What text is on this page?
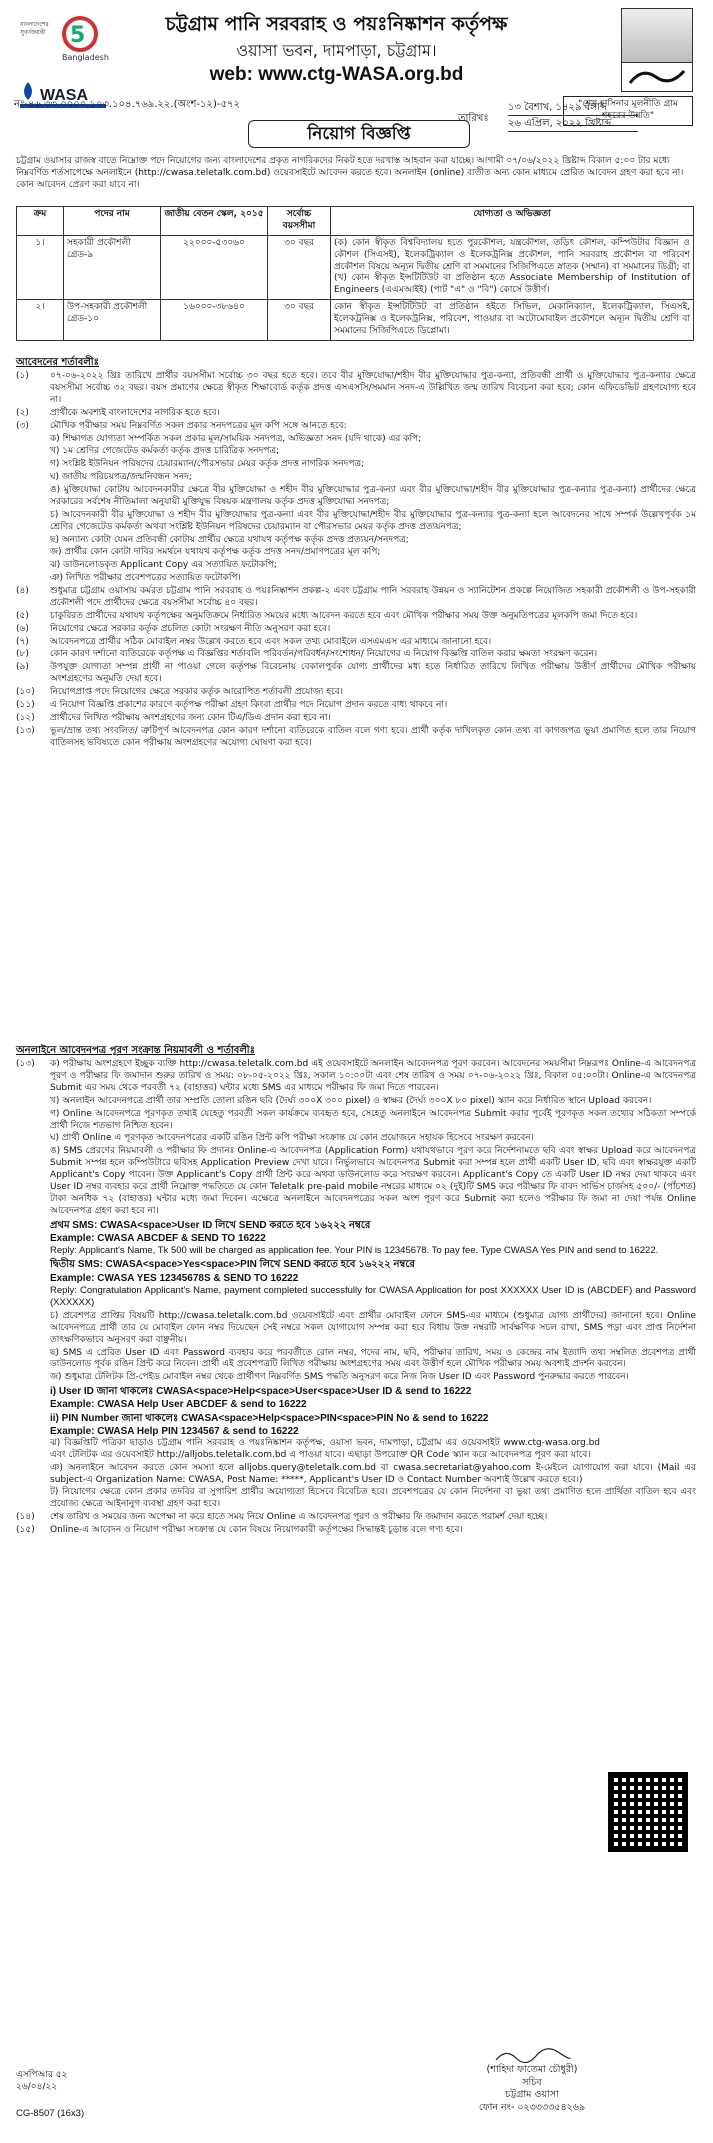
বাংলাদেশের
সুবর্ণজয়ন্তী 5
Bangladesh
WASA
চট্টগ্রাম পানি সরবরাহ ও পয়ঃনিষ্কাশন কর্তৃপক্ষ
ওয়াসা ভবন, দামপাড়া, চট্টগ্রাম।
web: www.ctg-WASA.org.bd
"শেখ হাসিনার মূলনীতি গ্রাম শহরের উন্নতি"
নং-৪৬.৩৩.০০০০.১০৩.১০৪.৭৬৯.২২.(অংশ-১২)-৫৭২
তারিখঃ
১৩ বৈশাখ, ১৪২৯ বঙ্গাব্দ
২৬ এপ্রিল, ২০২২ খ্রিষ্টাব্দ
নিয়োগ বিজ্ঞপ্তি
চট্টগ্রাম ওয়াসার রাজস্ব বাতে নিম্নোক্ত পদে নিয়োগের জন্য বাংলাদেশের প্রকৃত নাগরিকদের নিকট হতে দরখাস্ত আহবান করা যাচ্ছে। আগামী ০৭/০৬/২০২২ খ্রিষ্টাব্দ বিকাল ৫:০০ টার মধ্যে নিম্নবর্ণিত শর্তসাপেক্ষে অনলাইনে (http://cwasa.teletalk.com.bd) ওয়েবসাইটে আবেদন করতে হবে। অনলাইন (online) ব্যতীত অন্য কোন মাধ্যমে প্রেরিত আবেদন গ্রহণ করা হবে না। কোন আবেদন প্রেরণ করা যাবে না।
ক্রম	পদের নাম	জাতীয় বেতন স্কেল, ২০১৫	সর্বোচ্চ বয়সসীমা	যোগ্যতা ও অভিজ্ঞতা
১।	সহকারী প্রকৌশলী গ্রেড-৯	২২০০০-৫৩০৬০	৩০ বছর	(ক) কোন স্বীকৃত বিশ্ববিদ্যালয় হতে পুরকৌশল, যন্ত্রকৌশল, তড়িৎ কৌশল, কম্পিউটার বিজ্ঞান ও কৌশল (সিএসই), ইলেকট্রিক্যাল ও ইলেকট্রনিক্স প্রকৌশল, পানি সরবরাহ প্রকৌশল বা পরিবেশ প্রকৌশল বিষয়ে অন্যূন দ্বিতীয় শ্রেণি বা সমমানের সিজিপিএতে স্নাতক (সম্মান) বা সমমানের ডিগ্রী; বা (খ) কোন স্বীকৃত ইন্সটিটিউট বা প্রতিষ্ঠান হতে Associate Membership of Institution of Engineers (এএমআইই) (পার্ট "এ" ও "বি") কোর্সে উত্তীর্ণ।
২।	উপ-সহকারী প্রকৌশলী গ্রেড-১০	১৬০০০-৩৮৬৪০	৩০ বছর	কোন স্বীকৃত ইন্সটিটিউট বা প্রতিষ্ঠান হইতে সিভিল, মেকানিক্যাল, ইলেকট্রিক্যাল, সিএসই, ইলেকট্রনিক্স ও ইলেকট্রনিক্স, পরিবেশ, পাওয়ার বা অটোমোবাইল প্রকৌশলে অন্যূন দ্বিতীয় শ্রেণি বা সমমানের সিজিপিএতে ডিপ্লোমা।
আবেদনের শর্তাবলীঃ
(১)	০৭-০৬-২০২২ খ্রিঃ তারিখে প্রার্থীর বয়সসীমা সর্বোচ্চ ৩০ বছর হতে হবে। তবে বীর মুক্তিযোদ্ধা/শহীদ বীর মুক্তিযোদ্ধার পুত্র-কন্যা, প্রতিবন্ধী প্রার্থী ও মুক্তিযোদ্ধার পুত্র-কন্যার ক্ষেত্রে বয়সসীমা সর্বোচ্চ ৩২ বছর। বয়স প্রমাণের ক্ষেত্রে স্বীকৃত শিক্ষাবোর্ড কর্তৃক প্রদত্ত এসএসসি/সমমান সনদ-এ উল্লিখিত জন্ম তারিখ বিবেচনা করা হবে; কোন এফিডেভিট গ্রহণযোগ্য হবে না।
(২)	প্রার্থীকে অবশ্যই বাংলাদেশের নাগরিক হতে হবে।
(৩)	মৌখিক পরীক্ষার সময় নিম্নবর্ণিত সকল প্রকার সনদপত্রের মূল কপি সঙ্গে আনতে হবে:
ক) শিক্ষাগত যোগ্যতা সম্পর্কিত সকল প্রকার মূল/সাময়িক সনদপত্র, অভিজ্ঞতা সনদ (যদি থাকে) এর কপি;
খ) ১ম শ্রেণির গেজেটেড কর্মকর্তা কর্তৃক প্রদত্ত চারিত্রিক সনদপত্র;
গ) সংশ্লিষ্ট ইউনিয়ন পরিষদের চেয়ারম্যান/পৌরসভার মেয়র কর্তৃক প্রদত্ত নাগরিক সনদপত্র;
ঘ) জাতীয় পরিচয়পত্র/জন্মনিবন্ধন সনদ;
ঙ) মুক্তিযোদ্ধা কোটায় আবেদনকারীর ক্ষেত্রে বীর মুক্তিযোদ্ধা ও শহীদ বীর মুক্তিযোদ্ধার পুত্র-কন্যা এবং বীর মুক্তিযোদ্ধা/শহীদ বীর মুক্তিযোদ্ধার পুত্র-কন্যার পুত্র-কন্যা) প্রার্থীদের ক্ষেত্রে সরকারের সর্বশেষ নীতিমালা অনুযায়ী মুক্তিযুদ্ধ বিষয়ক মন্ত্রণালয় কর্তৃক প্রদত্ত মুক্তিযোদ্ধা সনদপত্র;
চ) আবেদনকারী বীর মুক্তিযোদ্ধা ও শহীদ বীর মুক্তিযোদ্ধার পুত্র-কন্যা এবং বীর মুক্তিযোদ্ধা/শহীদ বীর মুক্তিযোদ্ধার পুত্র-কন্যার পুত্র-কন্যা হলে আবেদনের সাথে সম্পর্ক উল্লেখপূর্বক ১ম শ্রেণির গেজেটেড কর্মকর্তা অথবা সংশ্লিষ্ট ইউনিয়ন পরিষদের চেয়ারম্যান বা পৌরসভার মেয়র কর্তৃক প্রদত্ত প্রত্যয়নপত্র;
ছ) অন্যান্য কোটা যেমন প্রতিবন্ধী কোটায় প্রার্থীর ক্ষেত্রে যথাযথ কর্তৃপক্ষ কর্তৃক প্রদত্ত প্রত্যয়ন/সনদপত্র;
জ) প্রার্থীর কোন কোটা দাবির সমর্থনে যথাযথ কর্তৃপক্ষ কর্তৃক প্রদত্ত সনদ/প্রমাণপত্রের মূল কপি;
ঝ) ডাউনলোডকৃত Applicant Copy এর সত্যায়িত ফটোকপি;
ঞ) লিখিত পরীক্ষার প্রবেশপত্রের সত্যায়িত ফটোকপি।
(৪)	শুধুমাত্র চট্টগ্রাম ওয়াসায় কর্মরত চট্টগ্রাম পানি সরবরাহ ও পয়ঃনিষ্কাশন প্রকল্প-২ এবং চট্টগ্রাম পানি সরবরাহ উন্নয়ন ও স্যানিটেশন প্রকল্পে নিয়োজিত সহকারী প্রকৌশলী ও উপ-সহকারী প্রকৌশলী পদে প্রার্থীদের ক্ষেত্রে বয়সসীমা সর্বোচ্চ ৪০ বছর।
(৫)	চাকুরিরত প্রার্থীদের যথাযথ কর্তৃপক্ষের অনুমতিক্রমে নির্ধারিত সময়ের মধ্যে আবেদন করতে হবে এবং মৌখিক পরীক্ষার সময় উক্ত অনুমতিপত্রের মূলকপি জমা দিতে হবে।
(৬)	নিয়োগের ক্ষেত্রে সরকার কর্তৃক প্রচলিত কোটা সংরক্ষণ নীতি অনুসরণ করা হবে।
(৭)	আবেদনপত্রে প্রার্থীর সঠিক মোবাইল নম্বর উল্লেখ করতে হবে এবং সকল তথ্য মোবাইলে এসএমএস এর মাধ্যমে জানানো হবে।
(৮)	কোন কারণ দর্শানো ব্যতিরেকে কর্তৃপক্ষ এ বিজ্ঞপ্তির শর্তাবলি পরিবর্তন/পরিবর্ধন/সংশোধন/ নিয়োগের এ নিয়োগ বিজ্ঞপ্তি বাতিল করার ক্ষমতা সংরক্ষণ করেন।
(৯)	উপযুক্ত যোগ্যতা সম্পন্ন প্রার্থী না পাওয়া গেলে কর্তৃপক্ষ বিবেচনায় বেকালপুর্বক যোগ্য প্রার্থীদের মধ্য হতে নির্ধারিত তারিখে লিখিত পরীক্ষায় উত্তীর্ণ প্রার্থীদের মৌখিক পরীক্ষায় অংশগ্রহণের অনুমতি দেয়া হবে।
(১০)	নিয়োগপ্রাপ্ত পদে নিয়োগের ক্ষেত্রে সরকার কর্তৃক আরোপিত শর্তাবলী প্রযোজ্য হবে।
(১১)	এ নিয়োগ বিজ্ঞপ্তি প্রকাশের কারণে কর্তৃপক্ষ পরীক্ষা গ্রহণ কিংবা প্রার্থীর পদে নিয়োগ প্রদান করতে বাধ্য থাকবে না।
(১২)	প্রার্থীদের লিখিত পরীক্ষায় অংশগ্রহণের জন্য কোন টিএ/ডিএ প্রদান করা হবে না।
(১৩)	ভুল/ভ্রান্ত তথ্য সংবলিত/ ত্রুটিপূর্ণ আবেদনপত্র কোন কারণ দর্শানো ব্যতিরেকে বাতিল বলে গণ্য হবে। প্রার্থী কর্তৃক দাখিলকৃত কোন তথ্য বা কাগজপত্র ভুয়া প্রমাণিত হলে তার নিয়োগ বাতিলসহ ভবিষ্যতে কোন পরীক্ষায় অংশগ্রহণের অযোগ্য ঘোষণা করা হবে।
অনলাইনে আবেদনপত্র পূরণ সংক্রান্ত নিয়মাবলী ও শর্তাবলীঃ
(১৩)	ক) পরীক্ষায় অংশগ্রহণে ইচ্ছুক ব্যক্তি http://cwasa.teletalk.com.bd এই ওয়েবসাইটে অনলাইন আবেদনপত্র পূরণ করবেন। আবেদনের সময়সীমা নিম্নরূপঃ Online-এ আবেদনপত্র পূরণ ও পরীক্ষার ফি জমাদান শুরুর তারিখ ও সময়: ০৮-০৫-২০২২ খ্রিঃ, সকাল ১০:০০টা এবং শেষ তারিখ ও সময় ০৭-০৬-২০২২ খ্রিঃ, বিকাল ০৫:০০টা। Online-এ আবেদনপত্র Submit এর সময় থেকে পরবর্তী ৭২ (বাহাত্তর) ঘন্টার মধ্যে SMS এর মাধ্যমে পরীক্ষার ফি জমা দিতে পারবেন।
খ) অনলাইন আবেদনপত্রে প্রার্থী তার সম্প্রতি তোলা রঙিন ছবি (দৈর্ঘ্য ৩০০X ৩০০ pixel) ও স্বাক্ষর (দৈর্ঘ্য ৩০০X ৮০ pixel) স্ক্যান করে নির্ধারিত স্থানে Upload করবেন।
গ) Online আবেদনপত্রে পূরণকৃত তথ্যই যেহেতু পরবর্তী সকল কার্যক্রমে ব্যবহৃত হবে, সেহেতু অনলাইনে আবেদনপত্র Submit করার পূর্বেই পূরণকৃত সকল তথ্যের সঠিকতা সম্পর্কে প্রার্থী নিজে শতভাগ নিশ্চিত হবেন।
ঘ) প্রার্থী Online এ পূরণকৃত আবেদনপত্রের একটি রঙিন প্রিন্ট কপি পরীক্ষা সংক্রান্ত যে কোন প্রয়োজনে সহায়ক হিসেবে সংরক্ষণ করবেন।
ঙ) SMS প্রেরণের নিয়মাবলী ও পরীক্ষার ফি প্রদানঃ Online-এ আবেদনপত্র (Application Form) যথাযথভাবে পূরণ করে নির্দেশনামতে ছবি এবং স্বাক্ষর Upload করে আবেদনপত্র Submit সম্পন্ন হলে কম্পিউটারে ছবিসহ Application Preview দেখা যাবে। নির্ভুলভাবে আবেদনপত্র Submit করা সম্পন্ন হলে প্রার্থী একটি User ID, ছবি এবং স্বাক্ষরযুক্ত একটি Applicant's Copy পাবেন। উক্ত Applicant's Copy প্রার্থী প্রিন্ট করে অথবা ডাউনলোড করে সংরক্ষণ করবেন। Applicant's Copy তে একটি User ID নম্বর দেয়া থাকবে এবং User ID নম্বর ব্যবহার করে প্রার্থী নিম্নোক্ত পদ্ধতিতে যে কোন Teletalk pre-paid mobile নম্বরের মাধ্যমে ০২ (দুই)টি SMS করে পরীক্ষার ফি বাবদ সার্ভিস চার্জসহ ৫০০/- (পাঁচশত) টাকা অনধিক ৭২ (বাহাত্তর) ঘন্টার মধ্যে জমা দিবেন। এক্ষেত্রে অনলাইনে আবেদনপত্রের সকল অংশ পূরণ করে Submit করা হলেও পরীক্ষার ফি জমা না দেয়া পর্যন্ত Online আবেদনপত্র গ্রহণ করা হবে না।
প্রথম SMS: CWASA<space>User ID লিখে SEND করতে হবে ১৬২২২ নম্বরে
Example: CWASA ABCDEF & SEND TO 16222
Reply: Applicant's Name, Tk 500 will be charged as application fee. Your PIN is 12345678. To pay fee. Type CWASA Yes PIN and send to 16222.
দ্বিতীয় SMS: CWASA<space>Yes<space>PIN লিখে SEND করতে হবে ১৬২২২ নম্বরে
Example: CWASA YES 12345678S & SEND TO 16222
Reply: Congratulation Applicant's Name, payment completed successfully for CWASA Application for post XXXXXX User ID is (ABCDEF) and Password (XXXXXX)
চ) প্রবেশপত্র প্রাপ্তির বিষয়টি http://cwasa.teletalk.com.bd ওয়েবসাইটে এবং প্রার্থীর মোবাইল ফোনে SMS-এর মাধ্যমে (শুধুমাত্র যোগ্য প্রার্থীদের) জানানো হবে। Online আবেদনপত্রে প্রার্থী তার যে মোবাইল ফোন নম্বর দিয়েছেন সেই নম্বরে সকল যোগাযোগ সম্পন্ন করা হবে বিধায় উক্ত নম্বরটি সার্বক্ষণিক সচল রাখা, SMS পড়া এবং প্রাপ্ত নির্দেশনা তাৎক্ষণিকভাবে অনুসরণ করা বাঞ্ছনীয়।
ছ) SMS এ প্রেরিত User ID এবং Password ব্যবহার করে পরবর্তীতে রোল নম্বর, পদের নাম, ছবি, পরীক্ষার তারিখ, সময় ও কেন্দ্রের নাম ইত্যাদি তথ্য সম্বলিত প্রবেশপত্র প্রার্থী ডাউনলোড পূর্বক রঙিন প্রিন্ট করে নিবেন। প্রার্থী এই প্রবেশপত্রটি লিখিত পরীক্ষায় অংশগ্রহণের সময় এবং উত্তীর্ণ হলে মৌখিক পরীক্ষার সময় অবশ্যই প্রদর্শন করবেন।
জ) শুধুমাত্র টেলিটক প্রি-পেইড মোবাইল নম্বর থেকে প্রার্থীগণ নিম্নবর্ণিত SMS পদ্ধতি অনুসরণ করে নিজ নিজ User ID এবং Password পুনরুদ্ধার করতে পারবেন।
i) User ID জানা থাকলেঃ CWASA<space>Help<space>User<space>User ID & send to 16222
Example: CWASA Help User ABCDEF & send to 16222
ii) PIN Number জানা থাকলেঃ CWASA<space>Help<space>PIN<space>PIN No & send to 16222
Example: CWASA Help PIN 1234567 & send to 16222
ঝ) বিজ্ঞপ্তিটি পত্রিকা ছাড়াও চট্টগ্রাম পানি সরবরাহ ও পয়ঃনিষ্কাশন কর্তৃপক্ষ, ওয়াসা ভবন, দামপাড়া, চট্টগ্রাম এর ওয়েবসাইট www.ctg-wasa.org.bd এবং টেলিটক এর ওয়েবসাইট http://alljobs.teletalk.com.bd এ পাওয়া যাবে। এছাড়া উপরোক্ত QR Code স্ক্যান করে আবেদনপত্র পূরণ করা যাবে।
ঞ) অনলাইনে আবেদন করতে কোন সমস্যা হলে alljobs.query@teletalk.com.bd বা cwasa.secretariat@yahoo.com ই-মেইলে যোগাযোগ করা যাবে। (Mail এর subject-এ Organization Name: CWASA, Post Name: *****, Applicant's User ID ও Contact Number অবশ্যই উল্লেখ করতে হবে।)
ট) নিয়োগের ক্ষেত্রে কোন প্রকার তদবির বা সুপারিশ প্রার্থীর অযোগ্যতা হিসেবে বিবেচিত হবে। প্রবেশপত্রের যে কোন নির্দেশনা বা ভুয়া তথ্য প্রমাণিত হলে প্রার্থিতা বাতিল হবে এবং প্রযোজ্য ক্ষেত্রে আইনানুগ ব্যবস্থা গ্রহণ করা হবে।
(১৪)	শেষ তারিখ ও সময়ের জন্য অপেক্ষা না করে হাতে সময় নিয়ে Online এ আবেদনপত্র পূরণ ও পরীক্ষার ফি জমাদান করতে পরামর্শ দেয়া হচ্ছে।
(১৫)	Online-এ আবেদন ও নিয়োগ পরীক্ষা সংক্রান্ত যে কোন বিষয়ে নিয়োগকারী কর্তৃপক্ষের সিদ্ধান্তই চূড়ান্ত বলে গণ্য হবে।
এসপিআর ৫২
২৬/০৪/২২
CG-8507 (16x3)
(শাহিদা ফাতেমা চৌধুরী)
সচিব
চট্টগ্রাম ওয়াসা
ফোন নং- ০২৩৩৩৩৫৪২৬৯
